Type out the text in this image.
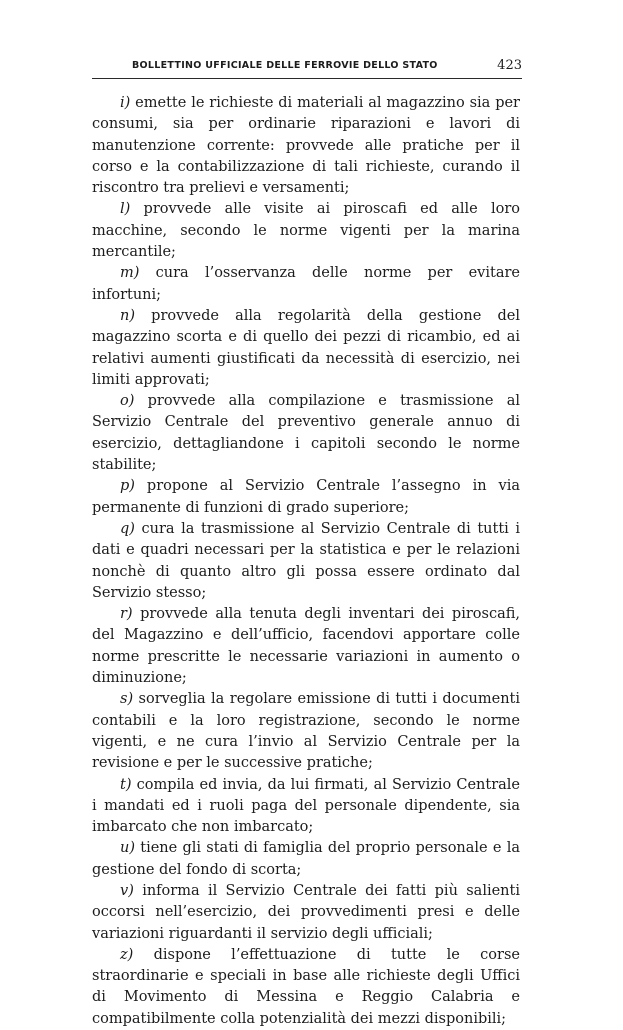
BOLLETTINO UFFICIALE DELLE FERROVIE DELLO STATO	423

i) emette le richieste di materiali al magazzino sia per consumi, sia per ordinarie riparazioni e lavori di manutenzione corrente: provvede alle pratiche per il corso e la contabilizzazione di tali richieste, curando il riscontro tra prelievi e versamenti;

l) provvede alle visite ai piroscafi ed alle loro macchine, secondo le norme vigenti per la marina mercantile;

m) cura l’osservanza delle norme per evitare infortuni;

n) provvede alla regolarità della gestione del magazzino scorta e di quello dei pezzi di ricambio, ed ai relativi aumenti giustificati da necessità di esercizio, nei limiti approvati;

o) provvede alla compilazione e trasmissione al Servizio Centrale del preventivo generale annuo di esercizio, dettagliandone i capitoli secondo le norme stabilite;

p) propone al Servizio Centrale l’assegno in via permanente di funzioni di grado superiore;

q) cura la trasmissione al Servizio Centrale di tutti i dati e quadri necessari per la statistica e per le relazioni nonchè di quanto altro gli possa essere ordinato dal Servizio stesso;

r) provvede alla tenuta degli inventari dei piroscafi, del Magazzino e dell’ufficio, facendovi apportare colle norme prescritte le necessarie variazioni in aumento o diminuzione;

s) sorveglia la regolare emissione di tutti i documenti contabili e la loro registrazione, secondo le norme vigenti, e ne cura l’invio al Servizio Centrale per la revisione e per le successive pratiche;

t) compila ed invia, da lui firmati, al Servizio Centrale i mandati ed i ruoli paga del personale dipendente, sia imbarcato che non imbarcato;

u) tiene gli stati di famiglia del proprio personale e la gestione del fondo di scorta;

v) informa il Servizio Centrale dei fatti più salienti occorsi nell’esercizio, dei provvedimenti presi e delle variazioni riguardanti il servizio degli ufficiali;

z) dispone l’effettuazione di tutte le corse straordinarie e speciali in base alle richieste degli Uffici di Movimento di Messina e Reggio Calabria e compatibilmente colla potenzialità dei mezzi disponibili;
